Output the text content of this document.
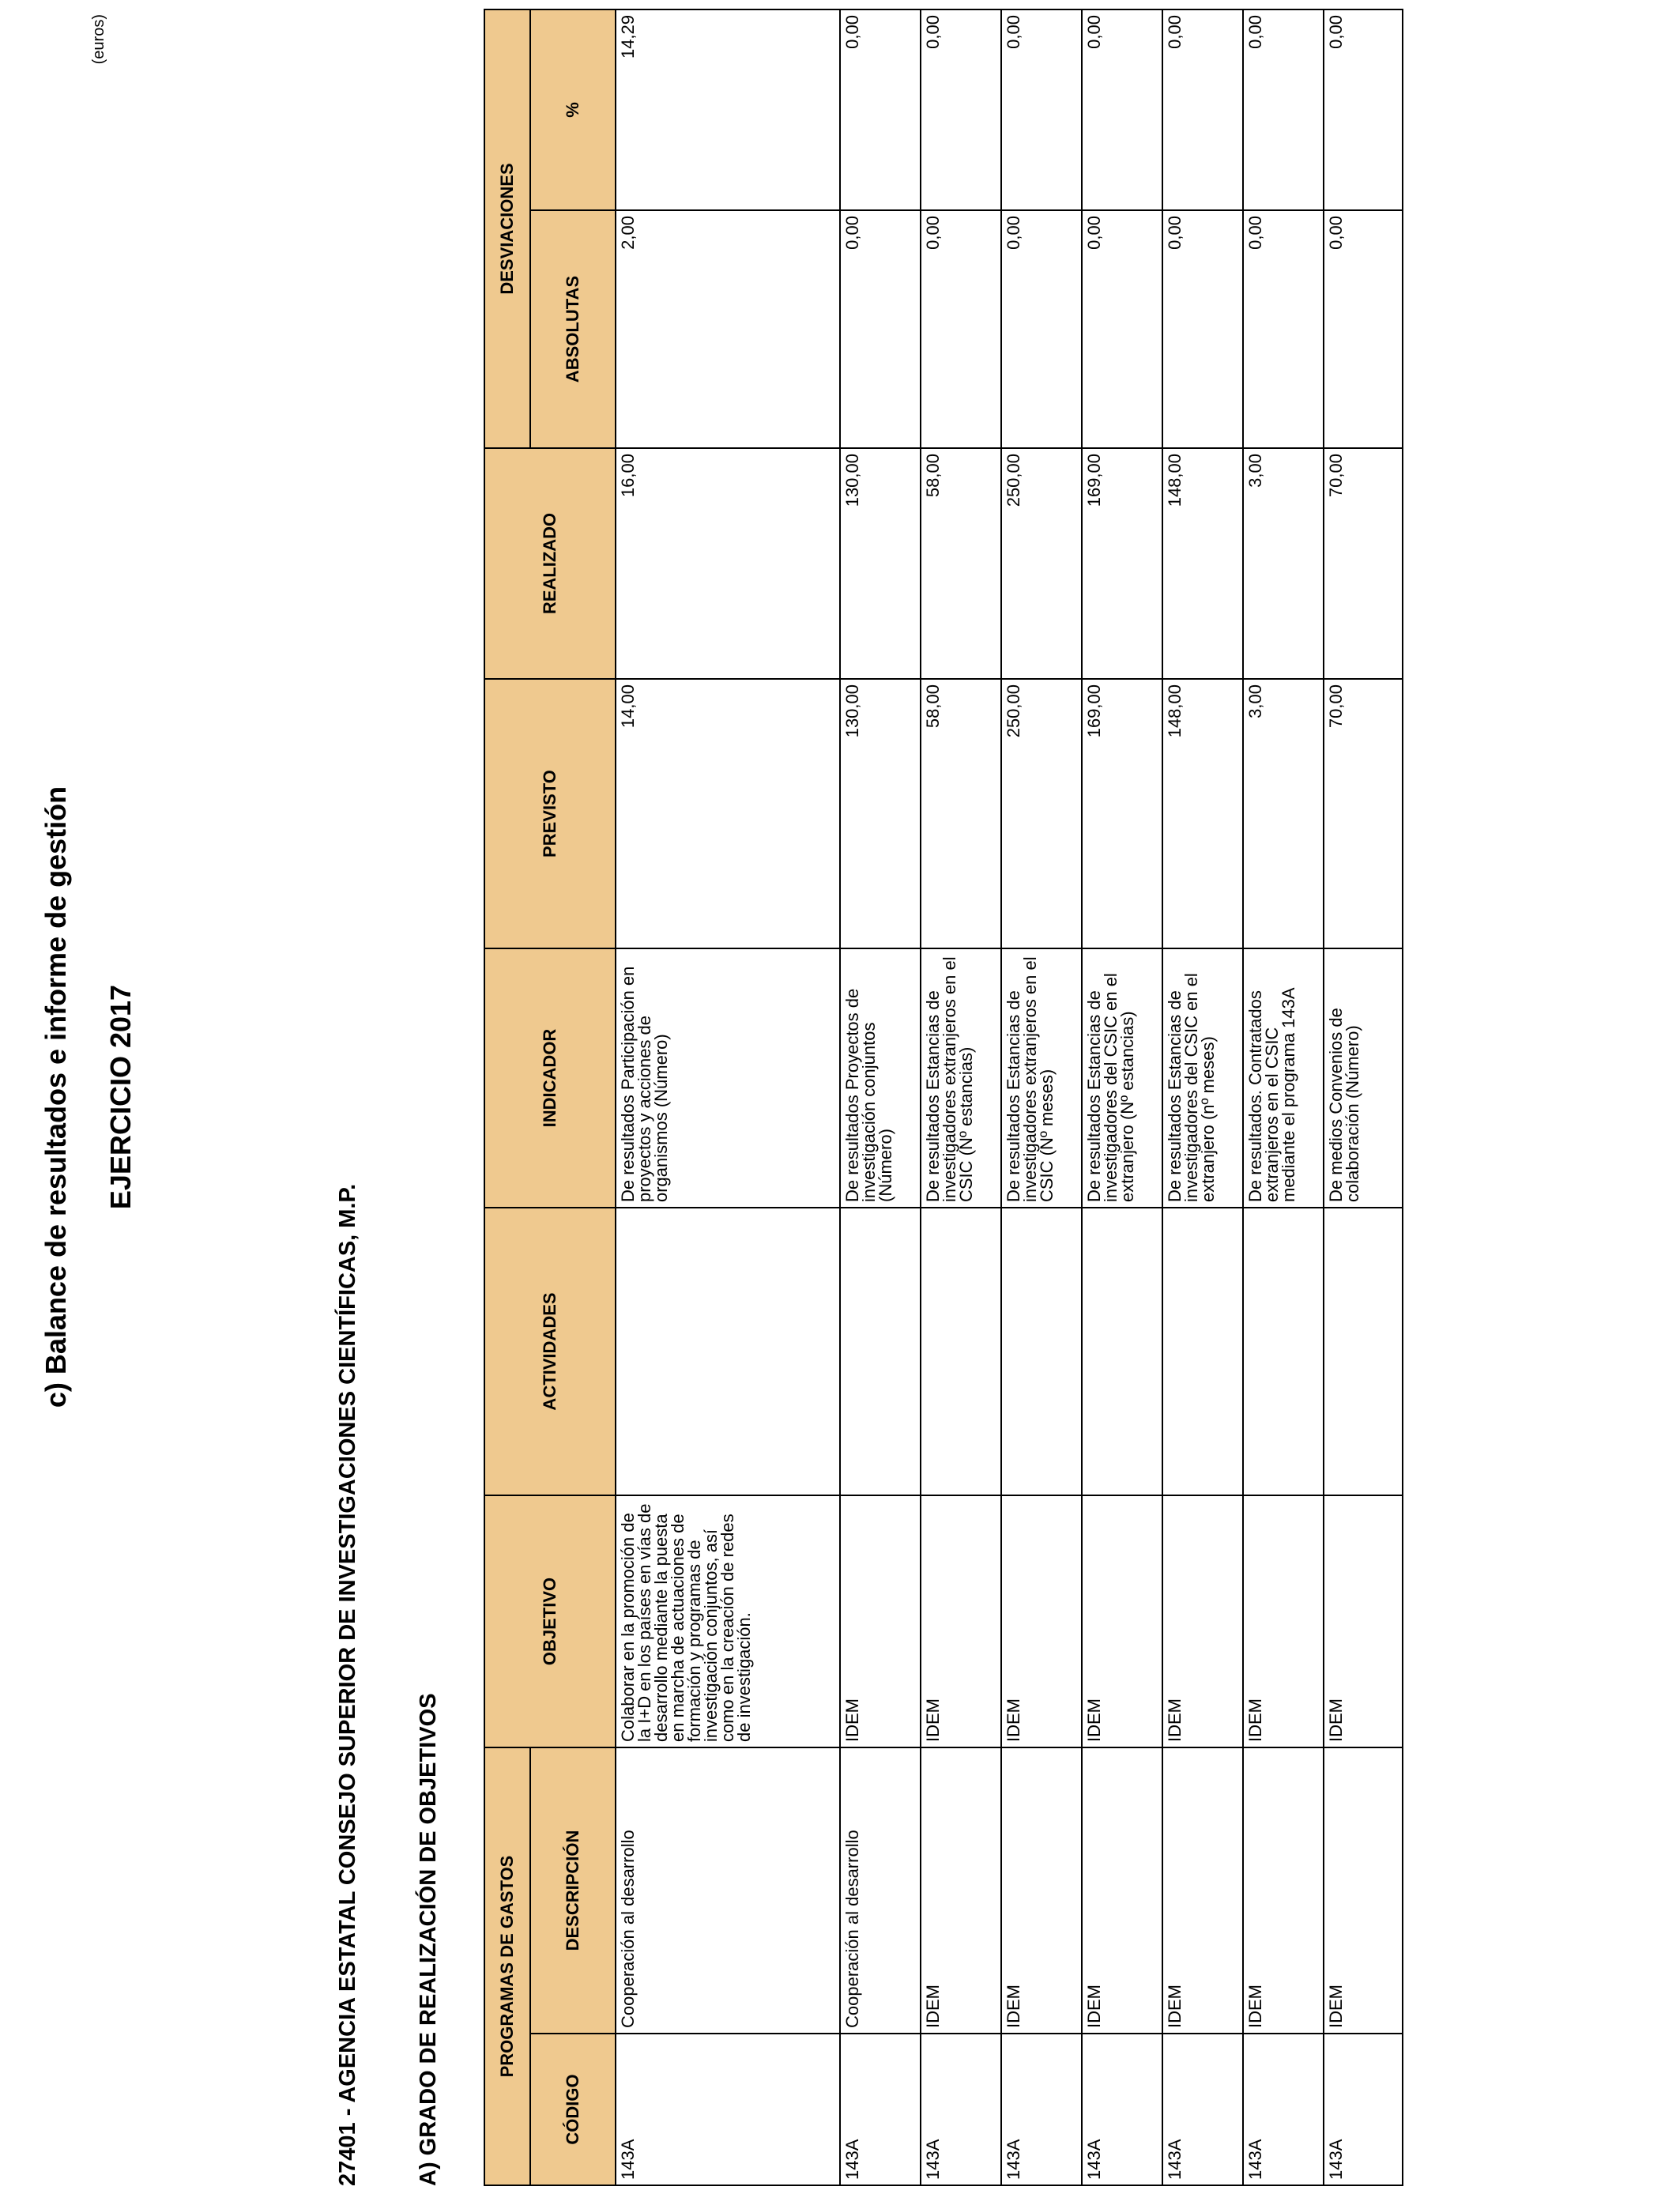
c) Balance de resultados e informe de gestión EJERCICIO 2017
(euros)
27401 - AGENCIA ESTATAL CONSEJO SUPERIOR DE INVESTIGACIONES CIENTÍFICAS, M.P. A) GRADO DE REALIZACIÓN DE OBJETIVOS	PROGRAMAS DE GASTOS		OBJETIVO	ACTIVIDADES	INDICADOR	PREVISTO	REALIZADO	DESVIACIONES	
CÓDIGO	DESCRIPCIÓN						ABSOLUTAS	%
143A	Cooperación al desarrollo	Colaborar en la promoción de la I+D en los países en vías de desarrollo mediante la puesta en marcha de actuaciones de formación y programas de investigación conjuntos, así como en la creación de redes de investigación.		De resultados Participación en proyectos y acciones de organismos (Número)	14,00	16,00	2,00	14,29
143A	Cooperación al desarrollo	IDEM		De resultados Proyectos de investigación conjuntos (Número)	130,00	130,00	0,00	0,00
143A	IDEM	IDEM		De resultados Estancias de investigadores extranjeros en el CSIC (Nº estancias)	58,00	58,00	0,00	0,00
143A	IDEM	IDEM		De resultados Estancias de investigadores extranjeros en el CSIC (Nº meses)	250,00	250,00	0,00	0,00
143A	IDEM	IDEM		De resultados Estancias de investigadores del CSIC en el extranjero (Nº estancias)	169,00	169,00	0,00	0,00
143A	IDEM	IDEM		De resultados Estancias de investigadores del CSIC en el extranjero (nº meses)	148,00	148,00	0,00	0,00
143A	IDEM	IDEM		De resultados. Contratados extranjeros en el CSIC mediante el programa 143A	3,00	3,00	0,00	0,00
143A	IDEM	IDEM		De medios Convenios de colaboración (Número)	70,00	70,00	0,00	0,00
